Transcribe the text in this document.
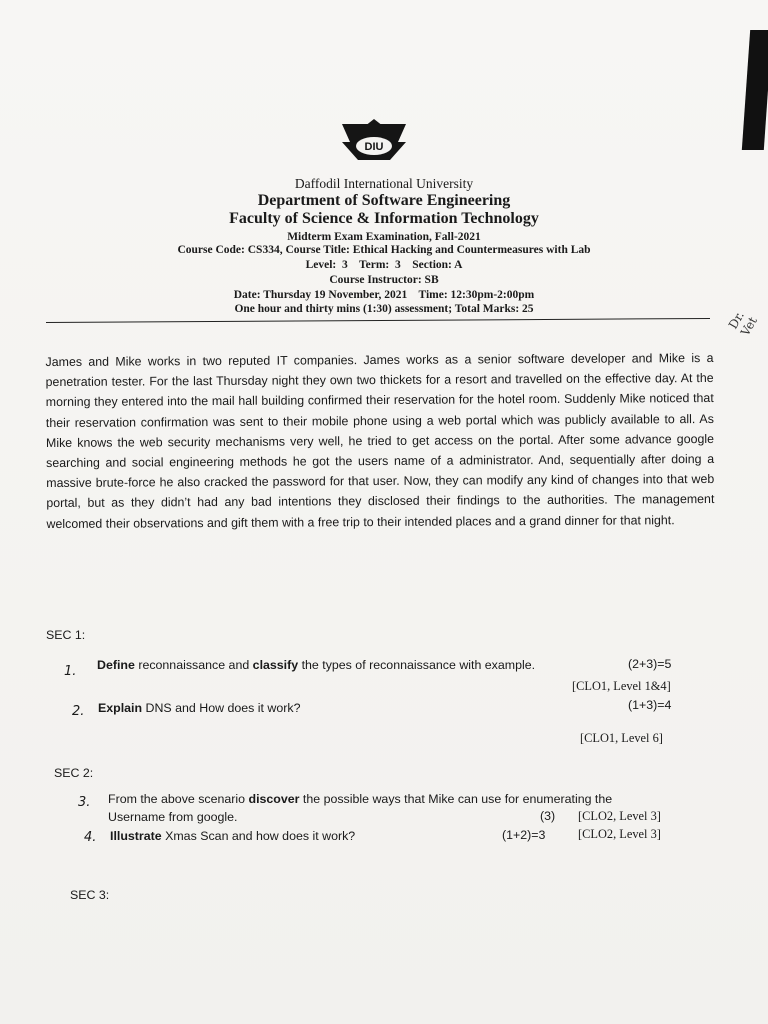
DIU
Daffodil International University
Department of Software Engineering
Faculty of Science & Information Technology
Midterm Exam Examination, Fall-2021
Course Code: CS334, Course Title: Ethical Hacking and Countermeasures with Lab
Level:  3    Term:  3    Section: A
Course Instructor: SB
Date: Thursday 19 November, 2021    Time: 12:30pm-2:00pm
One hour and thirty mins (1:30) assessment; Total Marks: 25	Dr. Vet
James and Mike works in two reputed IT companies. James works as a senior software developer and Mike is a penetration tester. For the last Thursday night they own two thickets for a resort and travelled on the effective day. At the morning they entered into the mail hall building confirmed their reservation for the hotel room. Suddenly Mike noticed that their reservation confirmation was sent to their mobile phone using a web portal which was publicly available to all. As Mike knows the web security mechanisms very well, he tried to get access on the portal. After some advance google searching and social engineering methods he got the users name of a administrator. And, sequentially after doing a massive brute-force he also cracked the password for that user. Now, they can modify any kind of changes into that web portal, but as they didn’t had any bad intentions they disclosed their findings to the authorities. The management welcomed their observations and gift them with a free trip to their intended places and a grand dinner for that night.
SEC 1:
1. Define reconnaissance and classify the types of reconnaissance with example.	(2+3)=5
[CLO1, Level 1&4]
2. Explain DNS and How does it work?	(1+3)=4
[CLO1, Level 6]
SEC 2:
3. From the above scenario discover the possible ways that Mike can use for enumerating the
Username from google.	(3) [CLO2, Level 3]
4. Illustrate Xmas Scan and how does it work?	(1+2)=3	[CLO2, Level 3]
SEC 3:
